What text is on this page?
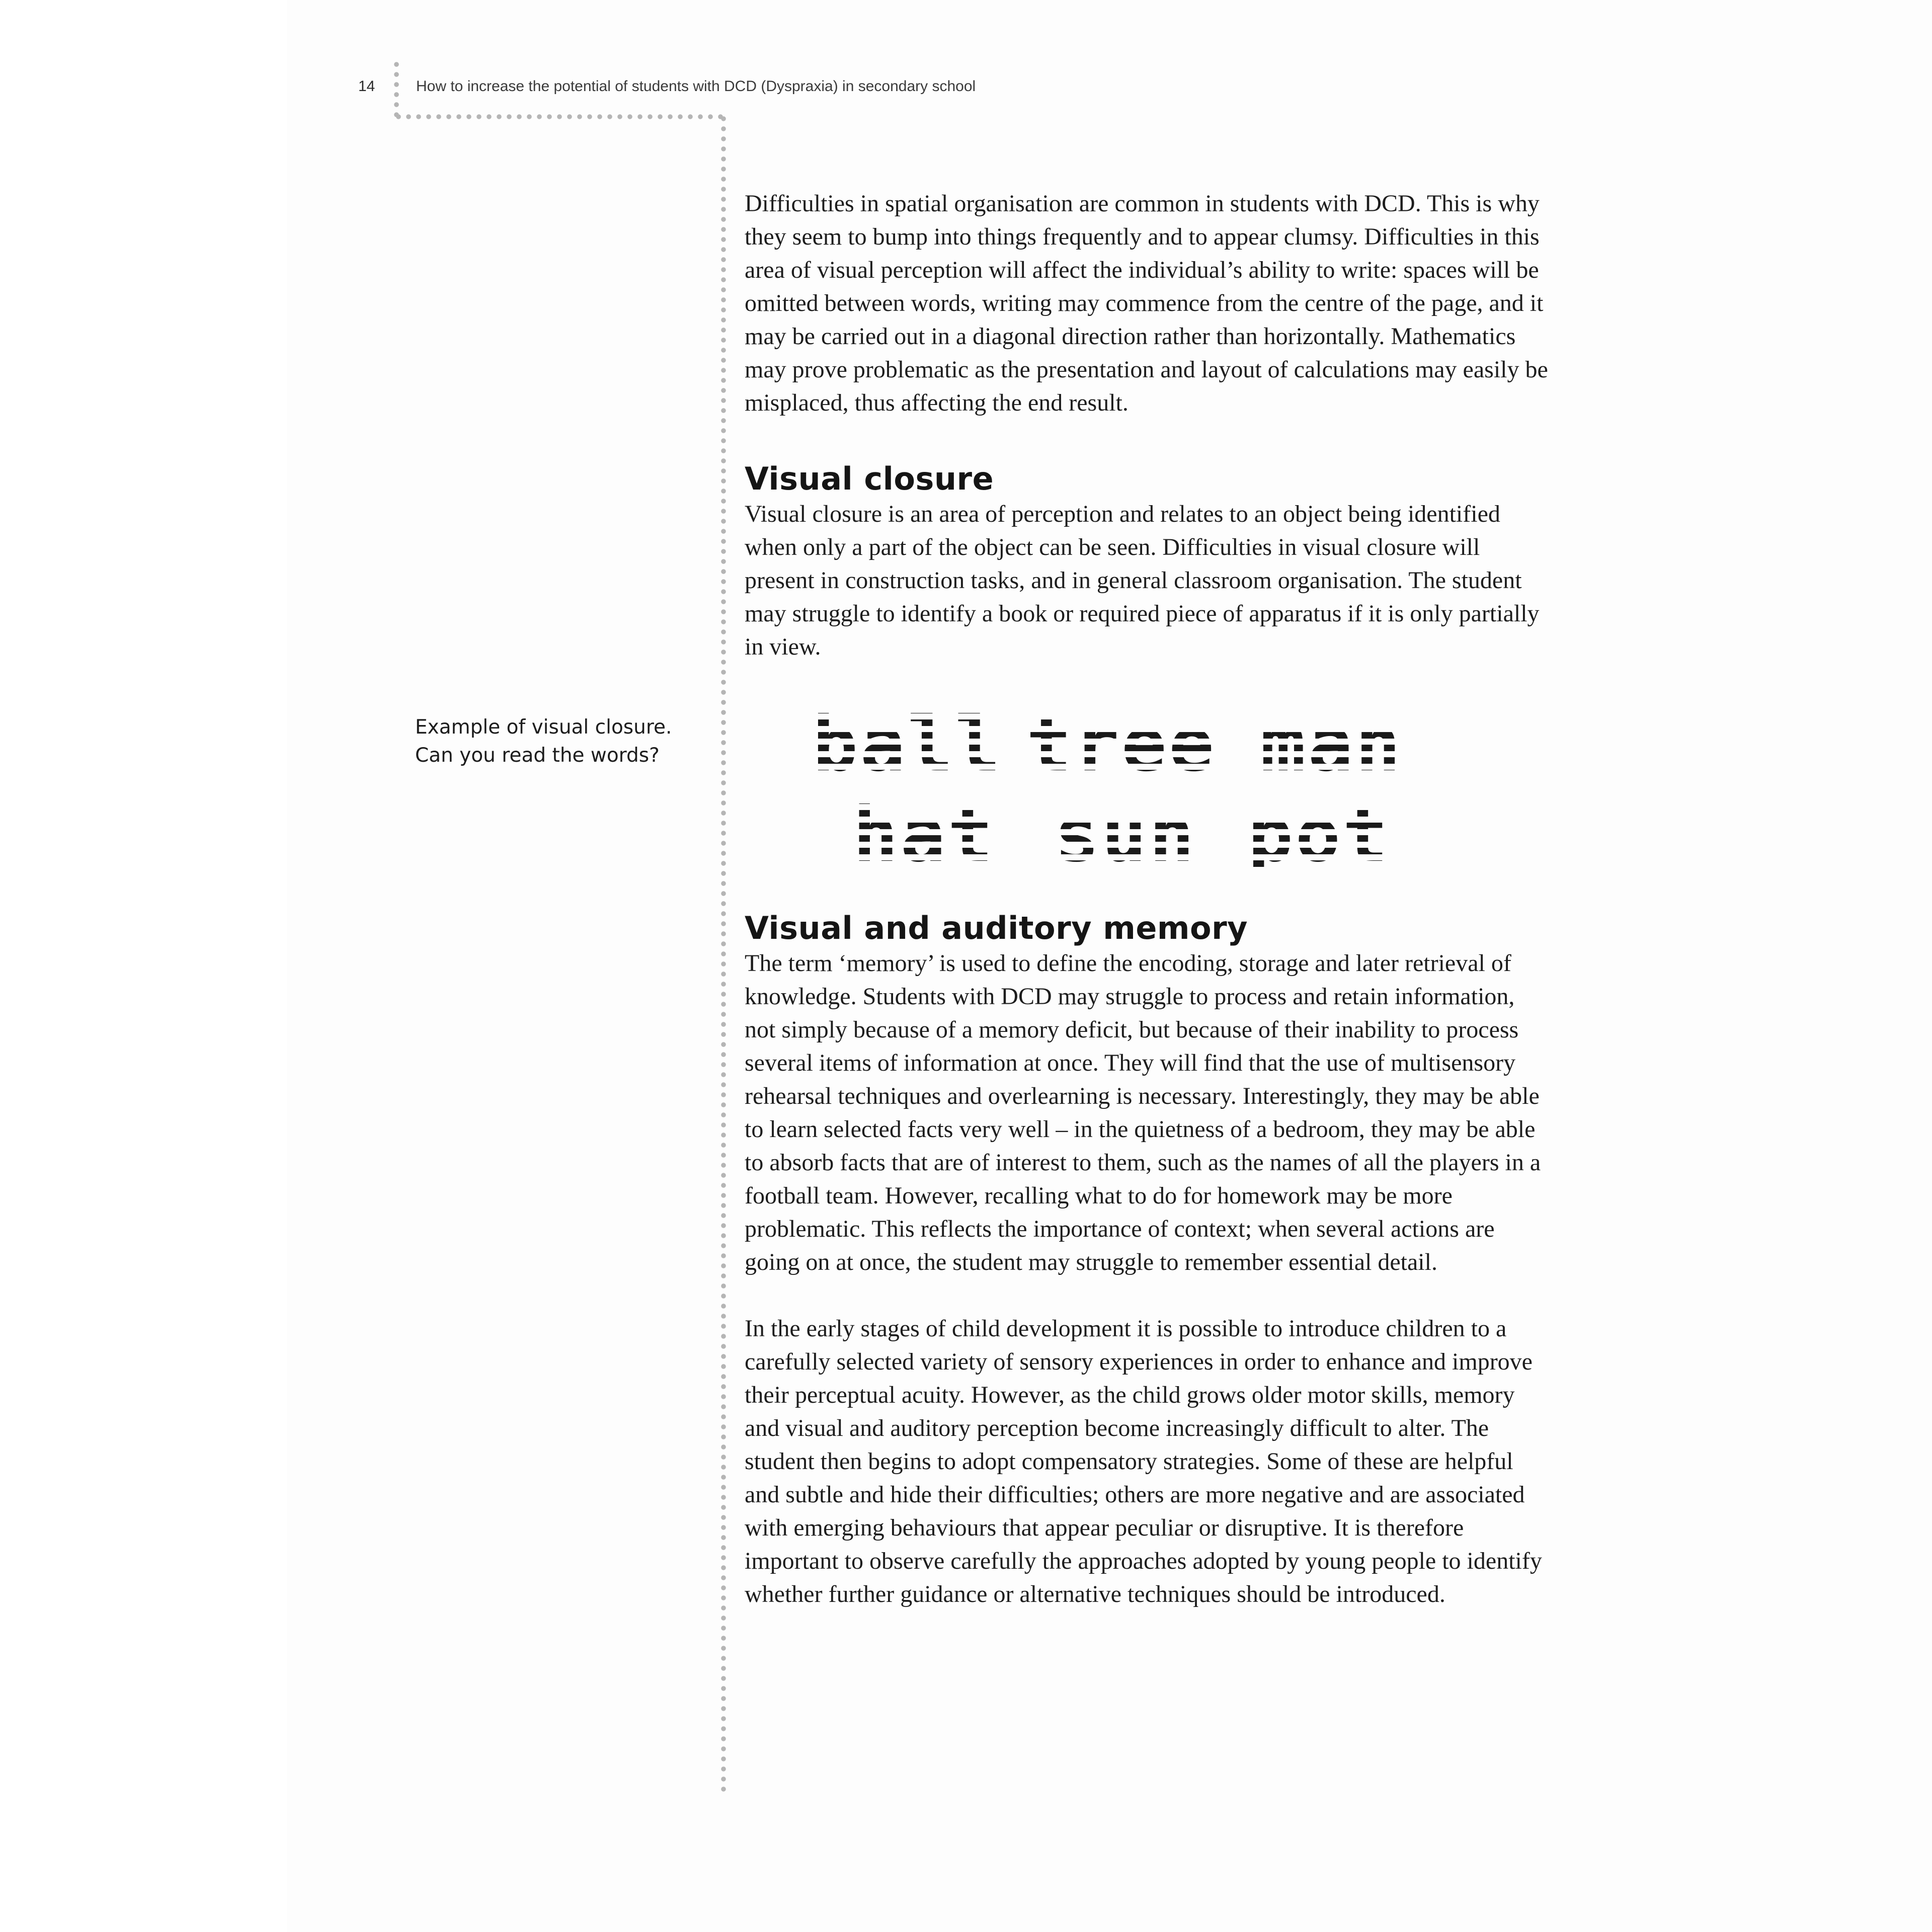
14	How to increase the potential of students with DCD (Dyspraxia) in secondary school

Difficulties in spatial organisation are common in students with DCD. This is why they seem to bump into things frequently and to appear clumsy. Difficulties in this area of visual perception will affect the individual’s ability to write: spaces will be omitted between words, writing may commence from the centre of the page, and it may be carried out in a diagonal direction rather than horizontally. Mathematics may prove problematic as the presentation and layout of calculations may easily be misplaced, thus affecting the end result.

Visual closure

Visual closure is an area of perception and relates to an object being identified when only a part of the object can be seen. Difficulties in visual closure will present in construction tasks, and in general classroom organisation. The student may struggle to identify a book or required piece of apparatus if it is only partially in view.

Example of visual closure.
Can you read the words? ball tree man
hat sun pot
Visual and auditory memory

The term ‘memory’ is used to define the encoding, storage and later retrieval of knowledge. Students with DCD may struggle to process and retain information, not simply because of a memory deficit, but because of their inability to process several items of information at once. They will find that the use of multisensory rehearsal techniques and overlearning is necessary. Interestingly, they may be able to learn selected facts very well – in the quietness of a bedroom, they may be able to absorb facts that are of interest to them, such as the names of all the players in a football team. However, recalling what to do for homework may be more problematic. This reflects the importance of context; when several actions are going on at once, the student may struggle to remember essential detail.

In the early stages of child development it is possible to introduce children to a carefully selected variety of sensory experiences in order to enhance and improve their perceptual acuity. However, as the child grows older motor skills, memory and visual and auditory perception become increasingly difficult to alter. The student then begins to adopt compensatory strategies. Some of these are helpful and subtle and hide their difficulties; others are more negative and are associated with emerging behaviours that appear peculiar or disruptive. It is therefore important to observe carefully the approaches adopted by young people to identify whether further guidance or alternative techniques should be introduced.
